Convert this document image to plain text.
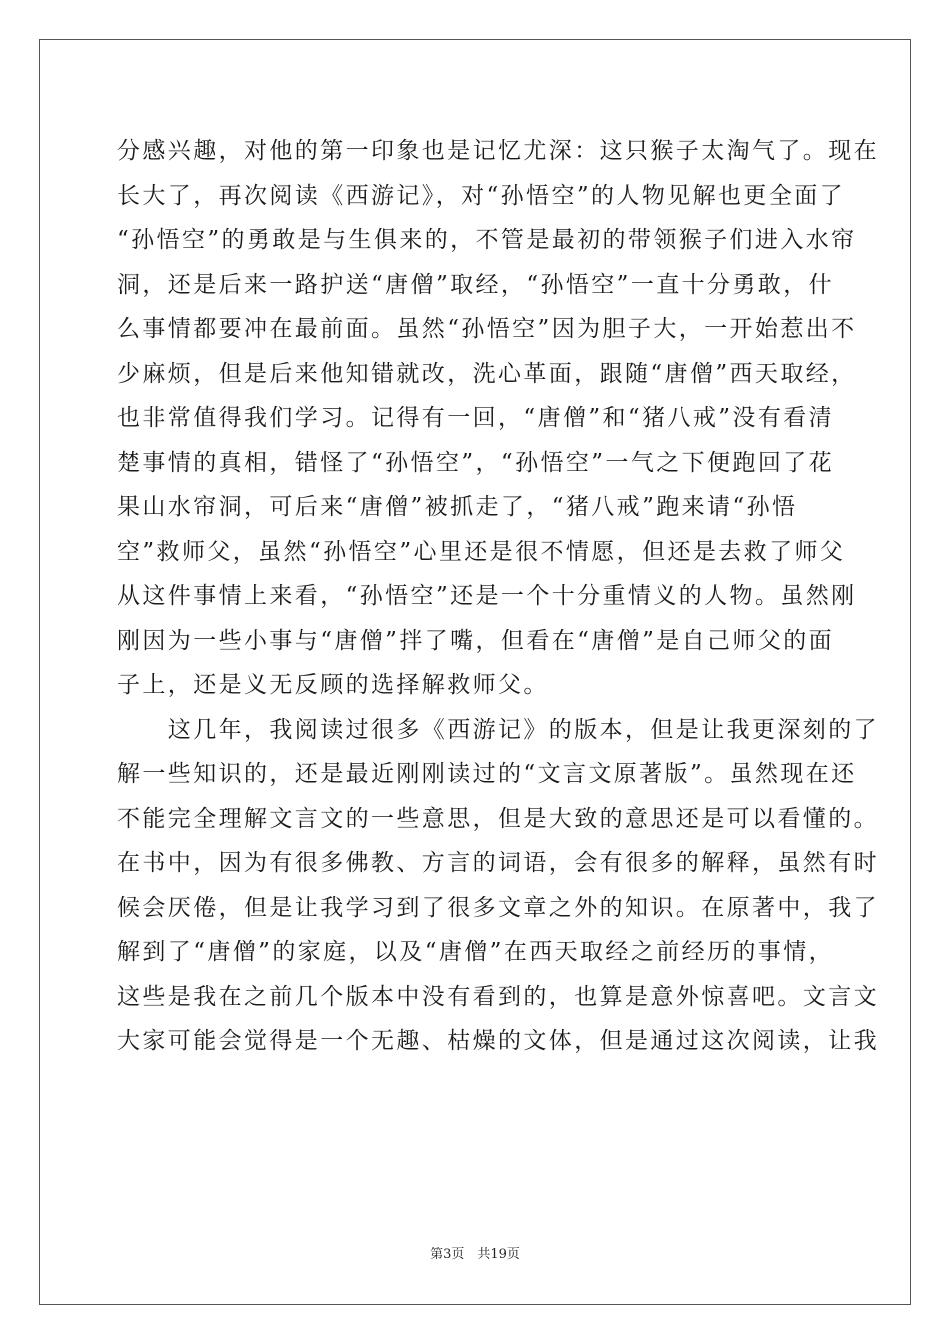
分感兴趣，对他的第一印象也是记忆尤深：这只猴子太淘气了。现在
长大了，再次阅读《西游记》，对“孙悟空”的人物见解也更全面了
“孙悟空”的勇敢是与生俱来的，不管是最初的带领猴子们进入水帘
洞，还是后来一路护送“唐僧”取经，“孙悟空”一直十分勇敢，什
么事情都要冲在最前面。虽然“孙悟空”因为胆子大，一开始惹出不
少麻烦，但是后来他知错就改，洗心革面，跟随“唐僧”西天取经，
也非常值得我们学习。记得有一回，“唐僧”和“猪八戒”没有看清
楚事情的真相，错怪了“孙悟空”，“孙悟空”一气之下便跑回了花
果山水帘洞，可后来“唐僧”被抓走了，“猪八戒”跑来请“孙悟
空”救师父，虽然“孙悟空”心里还是很不情愿，但还是去救了师父
从这件事情上来看，“孙悟空”还是一个十分重情义的人物。虽然刚
刚因为一些小事与“唐僧”拌了嘴，但看在“唐僧”是自己师父的面
子上，还是义无反顾的选择解救师父。
　　这几年，我阅读过很多《西游记》的版本，但是让我更深刻的了
解一些知识的，还是最近刚刚读过的“文言文原著版”。虽然现在还
不能完全理解文言文的一些意思，但是大致的意思还是可以看懂的。
在书中，因为有很多佛教、方言的词语，会有很多的解释，虽然有时
候会厌倦，但是让我学习到了很多文章之外的知识。在原著中，我了
解到了“唐僧”的家庭，以及“唐僧”在西天取经之前经历的事情，
这些是我在之前几个版本中没有看到的，也算是意外惊喜吧。文言文
大家可能会觉得是一个无趣、枯燥的文体，但是通过这次阅读，让我
第3页　共19页
